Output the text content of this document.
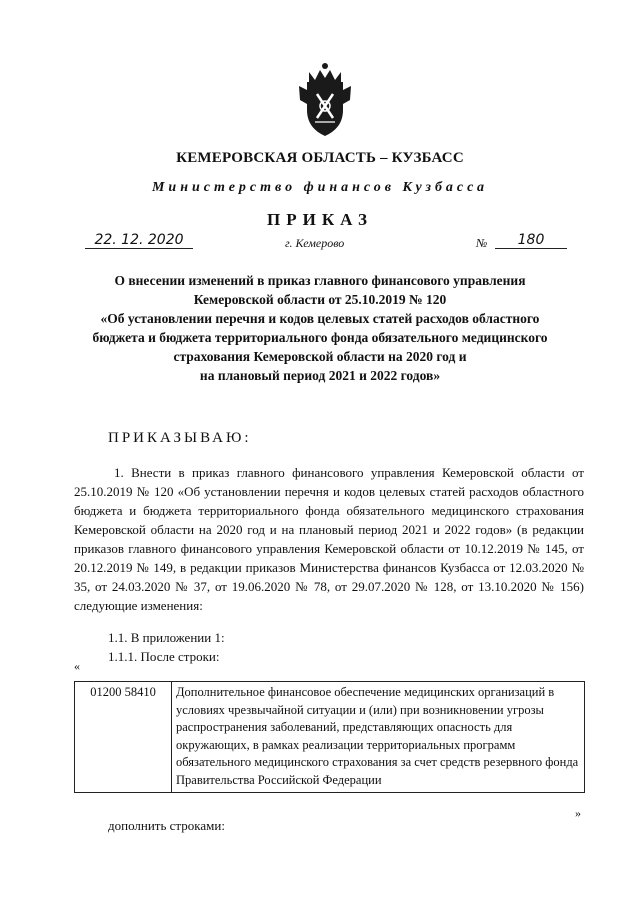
КЕМЕРОВСКАЯ ОБЛАСТЬ – КУЗБАСС
Министерство финансов Кузбасса
ПРИКАЗ
22. 12. 2020	г. Кемерово	№	180
О внесении изменений в приказ главного финансового управления
Кемеровской области от 25.10.2019 № 120
«Об установлении перечня и кодов целевых статей расходов областного
бюджета и бюджета территориального фонда обязательного медицинского
страхования Кемеровской области на 2020 год и
на плановый период 2021 и 2022 годов»
ПРИКАЗЫВАЮ:

1. Внести в приказ главного финансового управления Кемеровской области от 25.10.2019 № 120 «Об установлении перечня и кодов целевых статей расходов областного бюджета и бюджета территориального фонда обязательного медицинского страхования Кемеровской области на 2020 год и на плановый период 2021 и 2022 годов» (в редакции приказов главного финансового управления Кемеровской области от 10.12.2019 № 145, от 20.12.2019 № 149, в редакции приказов Министерства финансов Кузбасса от 12.03.2020 № 35, от 24.03.2020 № 37, от 19.06.2020 № 78, от 29.07.2020 № 128, от 13.10.2020 № 156) следующие изменения:

1.1. В приложении 1:
1.1.1. После строки:
«
01200 58410	Дополнительное финансовое обеспечение медицинских организаций в условиях чрезвычайной ситуации и (или) при возникновении угрозы распространения заболеваний, представляющих опасность для окружающих, в рамках реализации территориальных программ обязательного медицинского страхования за счет средств резервного фонда Правительства Российской Федерации
»
дополнить строками:
